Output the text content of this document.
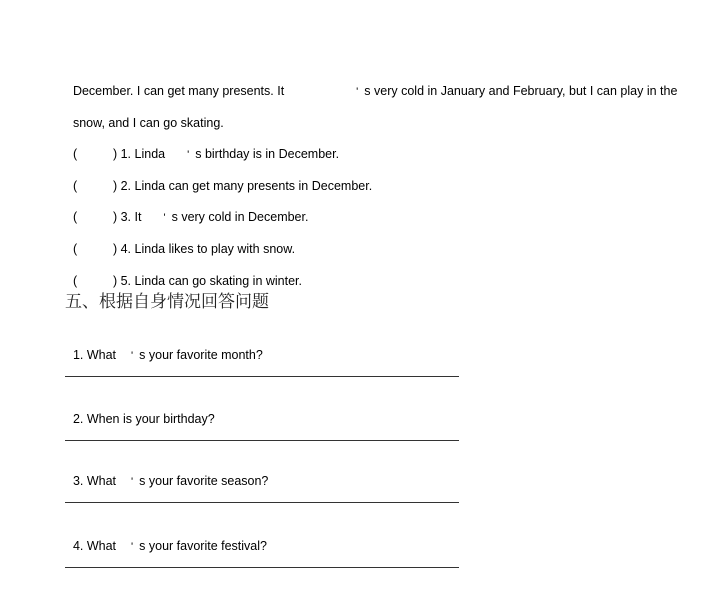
December. I can get many presents. It	' s very cold in January and February, but I can play in the

snow, and I can go skating.

(	) 1. Linda ' s birthday is in December.

(	) 2. Linda can get many presents in December.

(	) 3. It ' s very cold in December.

(	) 4. Linda likes to play with snow.

(	) 5. Linda can go skating in winter.

五、根据自身情况回答问题

1. What ' s your favorite month?

2. When is your birthday?

3. What ' s your favorite season?

4. What ' s your favorite festival?
